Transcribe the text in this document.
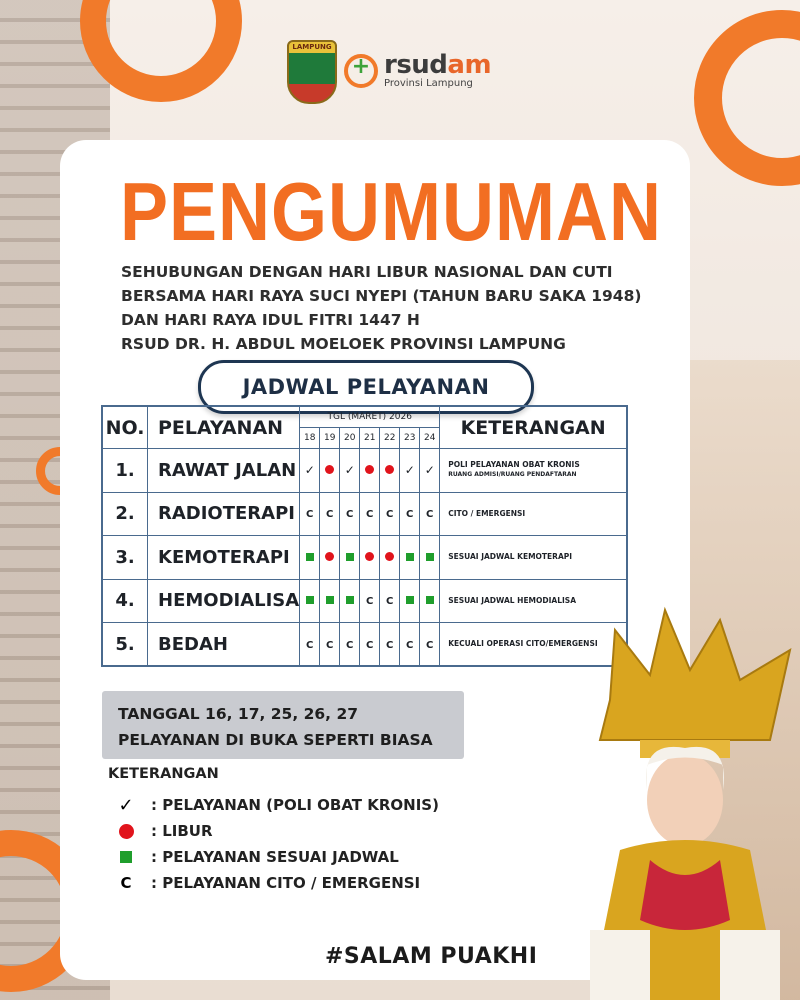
LAMPUNG
+
rsudam
Provinsi Lampung
PENGUMUMAN
SEHUBUNGAN DENGAN HARI LIBUR NASIONAL DAN CUTI
BERSAMA HARI RAYA SUCI NYEPI (TAHUN BARU SAKA 1948)
DAN HARI RAYA IDUL FITRI 1447 H
RSUD DR. H. ABDUL MOELOEK PROVINSI LAMPUNG
JADWAL PELAYANAN
NO.	PELAYANAN	TGL (MARET) 2026							KETERANGAN
		18	19	20	21	22	23	24	
1.	RAWAT JALAN	✓		✓			✓	✓	POLI PELAYANAN OBAT KRONIS
RUANG ADMISI/RUANG PENDAFTARAN

2.	RADIOTERAPI	C	C	C	C	C	C	C	CITO / EMERGENSI

3.	KEMOTERAPI								SESUAI JADWAL KEMOTERAPI

4.	HEMODIALISA				C	C			SESUAI JADWAL HEMODIALISA

5.	BEDAH	C	C	C	C	C	C	C	KECUALI OPERASI CITO/EMERGENSI
TANGGAL 16, 17, 25, 26, 27
PELAYANAN DI BUKA SEPERTI BIASA
KETERANGAN
✓ : PELAYANAN (POLI OBAT KRONIS)
: LIBUR
: PELAYANAN SESUAI JADWAL
C : PELAYANAN CITO / EMERGENSI
#SALAM PUAKHI
